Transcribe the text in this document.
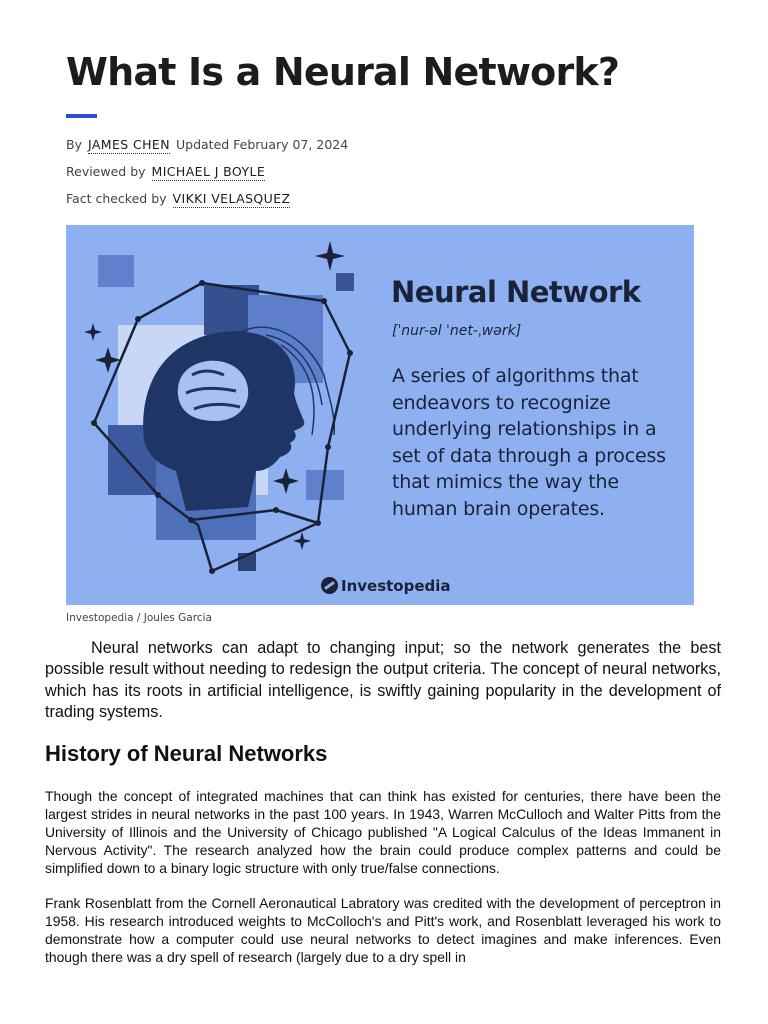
What Is a Neural Network?

By JAMES CHEN Updated February 07, 2024

Reviewed by MICHAEL J BOYLE

Fact checked by VIKKI VELASQUEZ

Neural Network

[ˈnur-əl ˈnet-ˌwərk]

A series of algorithms that endeavors to recognize underlying relationships in a set of data through a process that mimics the way the human brain operates.

Investopedia

Investopedia / Joules Garcia

Neural networks can adapt to changing input; so the network generates the best possible result without needing to redesign the output criteria. The concept of neural networks, which has its roots in artificial intelligence, is swiftly gaining popularity in the development of trading systems.

History of Neural Networks

Though the concept of integrated machines that can think has existed for centuries, there have been the largest strides in neural networks in the past 100 years. In 1943, Warren McCulloch and Walter Pitts from the University of Illinois and the University of Chicago published "A Logical Calculus of the Ideas Immanent in Nervous Activity". The research analyzed how the brain could produce complex patterns and could be simplified down to a binary logic structure with only true/false connections.

Frank Rosenblatt from the Cornell Aeronautical Labratory was credited with the development of perceptron in 1958. His research introduced weights to McColloch's and Pitt's work, and Rosenblatt leveraged his work to demonstrate how a computer could use neural networks to detect imagines and make inferences. Even though there was a dry spell of research (largely due to a dry spell in
